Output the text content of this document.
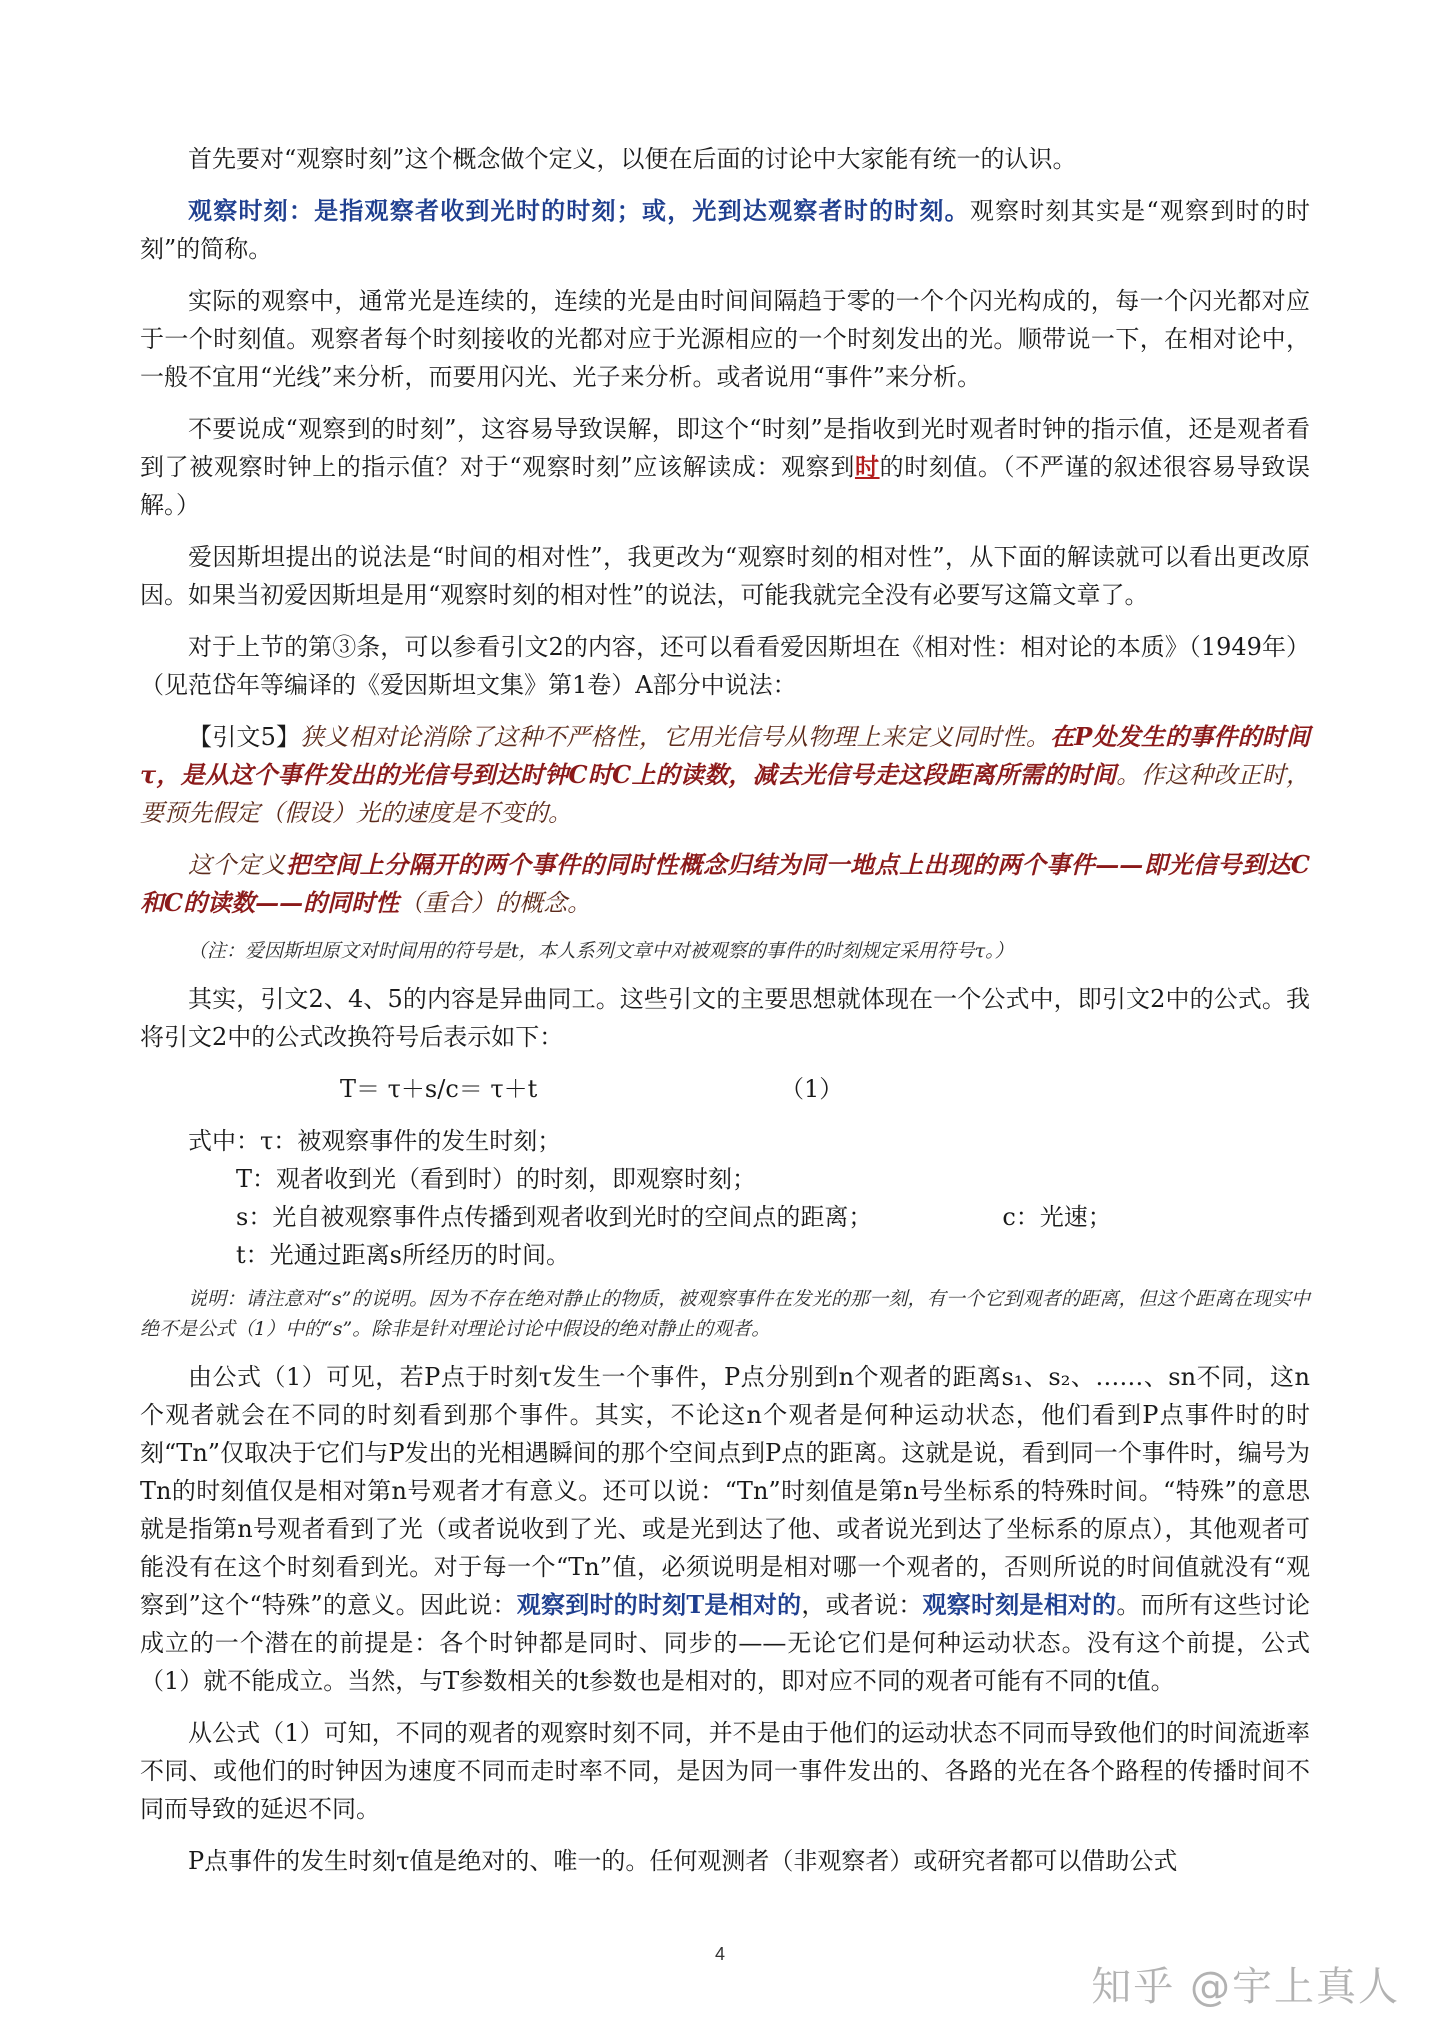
首先要对“观察时刻”这个概念做个定义，以便在后面的讨论中大家能有统一的认识。

观察时刻：是指观察者收到光时的时刻；或，光到达观察者时的时刻。观察时刻其实是“观察到时的时刻”的简称。

实际的观察中，通常光是连续的，连续的光是由时间间隔趋于零的一个个闪光构成的，每一个闪光都对应于一个时刻值。观察者每个时刻接收的光都对应于光源相应的一个时刻发出的光。顺带说一下，在相对论中，一般不宜用“光线”来分析，而要用闪光、光子来分析。或者说用“事件”来分析。

不要说成“观察到的时刻”，这容易导致误解，即这个“时刻”是指收到光时观者时钟的指示值，还是观者看到了被观察时钟上的指示值？对于“观察时刻”应该解读成：观察到时的时刻值。（不严谨的叙述很容易导致误解。）

爱因斯坦提出的说法是“时间的相对性”，我更改为“观察时刻的相对性”，从下面的解读就可以看出更改原因。如果当初爱因斯坦是用“观察时刻的相对性”的说法，可能我就完全没有必要写这篇文章了。

对于上节的第③条，可以参看引文2的内容，还可以看看爱因斯坦在《相对性：相对论的本质》（1949年）（见范岱年等编译的《爱因斯坦文集》第1卷）A部分中说法：

【引文5】狭义相对论消除了这种不严格性，它用光信号从物理上来定义同时性。在P处发生的事件的时间τ，是从这个事件发出的光信号到达时钟C时C上的读数，减去光信号走这段距离所需的时间。作这种改正时，要预先假定（假设）光的速度是不变的。

这个定义把空间上分隔开的两个事件的同时性概念归结为同一地点上出现的两个事件——即光信号到达C和C的读数——的同时性（重合）的概念。

（注：爱因斯坦原文对时间用的符号是t，本人系列文章中对被观察的事件的时刻规定采用符号τ。）

其实，引文2、4、5的内容是异曲同工。这些引文的主要思想就体现在一个公式中，即引文2中的公式。我将引文2中的公式改换符号后表示如下：

T＝ τ＋s/c＝ τ＋t	（1）
式中：τ：被观察事件的发生时刻；
T：观者收到光（看到时）的时刻，即观察时刻；
s：光自被观察事件点传播到观者收到光时的空间点的距离；	c：光速；
t：光通过距离s所经历的时间。

说明：请注意对“s”的说明。因为不存在绝对静止的物质，被观察事件在发光的那一刻，有一个它到观者的距离，但这个距离在现实中绝不是公式（1）中的“s”。除非是针对理论讨论中假设的绝对静止的观者。

由公式（1）可见，若P点于时刻τ发生一个事件，P点分别到n个观者的距离s₁、s₂、……、sn不同，这n个观者就会在不同的时刻看到那个事件。其实，不论这n个观者是何种运动状态，他们看到P点事件时的时刻“Tn”仅取决于它们与P发出的光相遇瞬间的那个空间点到P点的距离。这就是说，看到同一个事件时，编号为Tn的时刻值仅是相对第n号观者才有意义。还可以说：“Tn”时刻值是第n号坐标系的特殊时间。“特殊”的意思就是指第n号观者看到了光（或者说收到了光、或是光到达了他、或者说光到达了坐标系的原点），其他观者可能没有在这个时刻看到光。对于每一个“Tn”值，必须说明是相对哪一个观者的，否则所说的时间值就没有“观察到”这个“特殊”的意义。因此说：观察到时的时刻T是相对的，或者说：观察时刻是相对的。而所有这些讨论成立的一个潜在的前提是：各个时钟都是同时、同步的——无论它们是何种运动状态。没有这个前提，公式（1）就不能成立。当然，与T参数相关的t参数也是相对的，即对应不同的观者可能有不同的t值。

从公式（1）可知，不同的观者的观察时刻不同，并不是由于他们的运动状态不同而导致他们的时间流逝率不同、或他们的时钟因为速度不同而走时率不同，是因为同一事件发出的、各路的光在各个路程的传播时间不同而导致的延迟不同。

P点事件的发生时刻τ值是绝对的、唯一的。任何观测者（非观察者）或研究者都可以借助公式

4
知乎 @宇上真人
